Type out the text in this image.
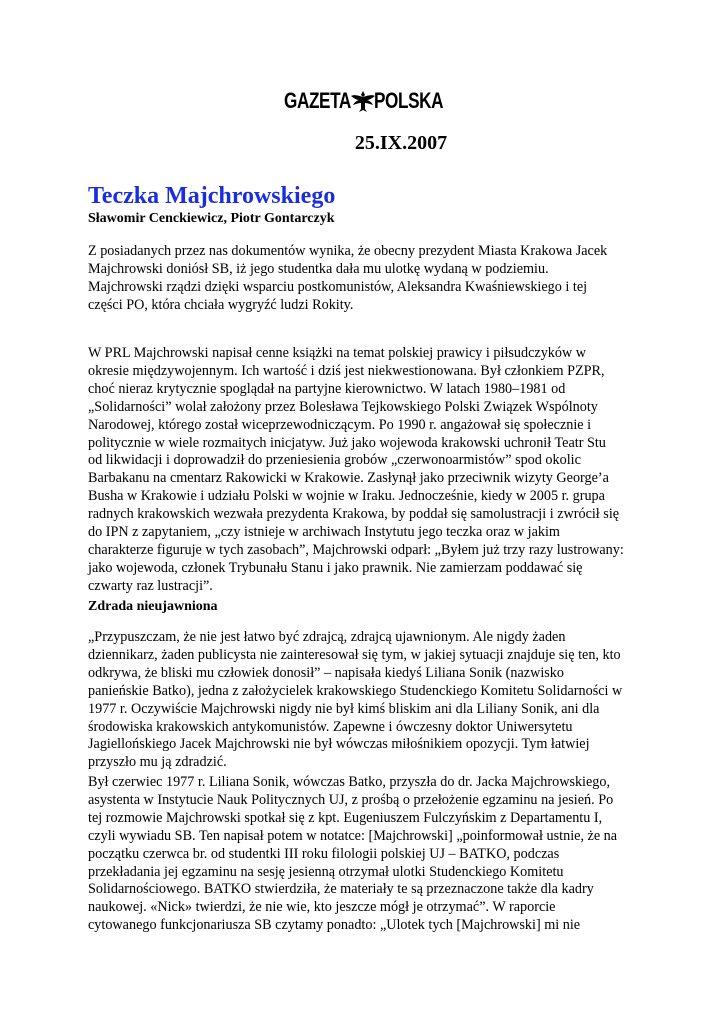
GAZETA POLSKA
25.IX.2007
Teczka Majchrowskiego
Sławomir Cenckiewicz, Piotr Gontarczyk
Z posiadanych przez nas dokumentów wynika, że obecny prezydent Miasta Krakowa Jacek
Majchrowski doniósł SB, iż jego studentka dała mu ulotkę wydaną w podziemiu.
Majchrowski rządzi dzięki wsparciu postkomunistów, Aleksandra Kwaśniewskiego i tej
części PO, która chciała wygryźć ludzi Rokity.
W PRL Majchrowski napisał cenne książki na temat polskiej prawicy i piłsudczyków w
okresie międzywojennym. Ich wartość i dziś jest niekwestionowana. Był członkiem PZPR,
choć nieraz krytycznie spoglądał na partyjne kierownictwo. W latach 1980–1981 od
„Solidarności” wolał założony przez Bolesława Tejkowskiego Polski Związek Wspólnoty
Narodowej, którego został wiceprzewodniczącym. Po 1990 r. angażował się społecznie i
politycznie w wiele rozmaitych inicjatyw. Już jako wojewoda krakowski uchronił Teatr Stu
od likwidacji i doprowadził do przeniesienia grobów „czerwonoarmistów” spod okolic
Barbakanu na cmentarz Rakowicki w Krakowie. Zasłynął jako przeciwnik wizyty George’a
Busha w Krakowie i udziału Polski w wojnie w Iraku. Jednocześnie, kiedy w 2005 r. grupa
radnych krakowskich wezwała prezydenta Krakowa, by poddał się samolustracji i zwrócił się
do IPN z zapytaniem, „czy istnieje w archiwach Instytutu jego teczka oraz w jakim
charakterze figuruje w tych zasobach”, Majchrowski odparł: „Byłem już trzy razy lustrowany:
jako wojewoda, członek Trybunału Stanu i jako prawnik. Nie zamierzam poddawać się
czwarty raz lustracji”.
Zdrada nieujawniona
„Przypuszczam, że nie jest łatwo być zdrajcą, zdrajcą ujawnionym. Ale nigdy żaden
dziennikarz, żaden publicysta nie zainteresował się tym, w jakiej sytuacji znajduje się ten, kto
odkrywa, że bliski mu człowiek donosił” – napisała kiedyś Liliana Sonik (nazwisko
panieńskie Batko), jedna z założycielek krakowskiego Studenckiego Komitetu Solidarności w
1977 r. Oczywiście Majchrowski nigdy nie był kimś bliskim ani dla Liliany Sonik, ani dla
środowiska krakowskich antykomunistów. Zapewne i ówczesny doktor Uniwersytetu
Jagiellońskiego Jacek Majchrowski nie był wówczas miłośnikiem opozycji. Tym łatwiej
przyszło mu ją zdradzić.
Był czerwiec 1977 r. Liliana Sonik, wówczas Batko, przyszła do dr. Jacka Majchrowskiego,
asystenta w Instytucie Nauk Politycznych UJ, z prośbą o przełożenie egzaminu na jesień. Po
tej rozmowie Majchrowski spotkał się z kpt. Eugeniuszem Fulczyńskim z Departamentu I,
czyli wywiadu SB. Ten napisał potem w notatce: [Majchrowski] „poinformował ustnie, że na
początku czerwca br. od studentki III roku filologii polskiej UJ – BATKO, podczas
przekładania jej egzaminu na sesję jesienną otrzymał ulotki Studenckiego Komitetu
Solidarnościowego. BATKO stwierdziła, że materiały te są przeznaczone także dla kadry
naukowej. «Nick» twierdzi, że nie wie, kto jeszcze mógł je otrzymać”. W raporcie
cytowanego funkcjonariusza SB czytamy ponadto: „Ulotek tych [Majchrowski] mi nie
